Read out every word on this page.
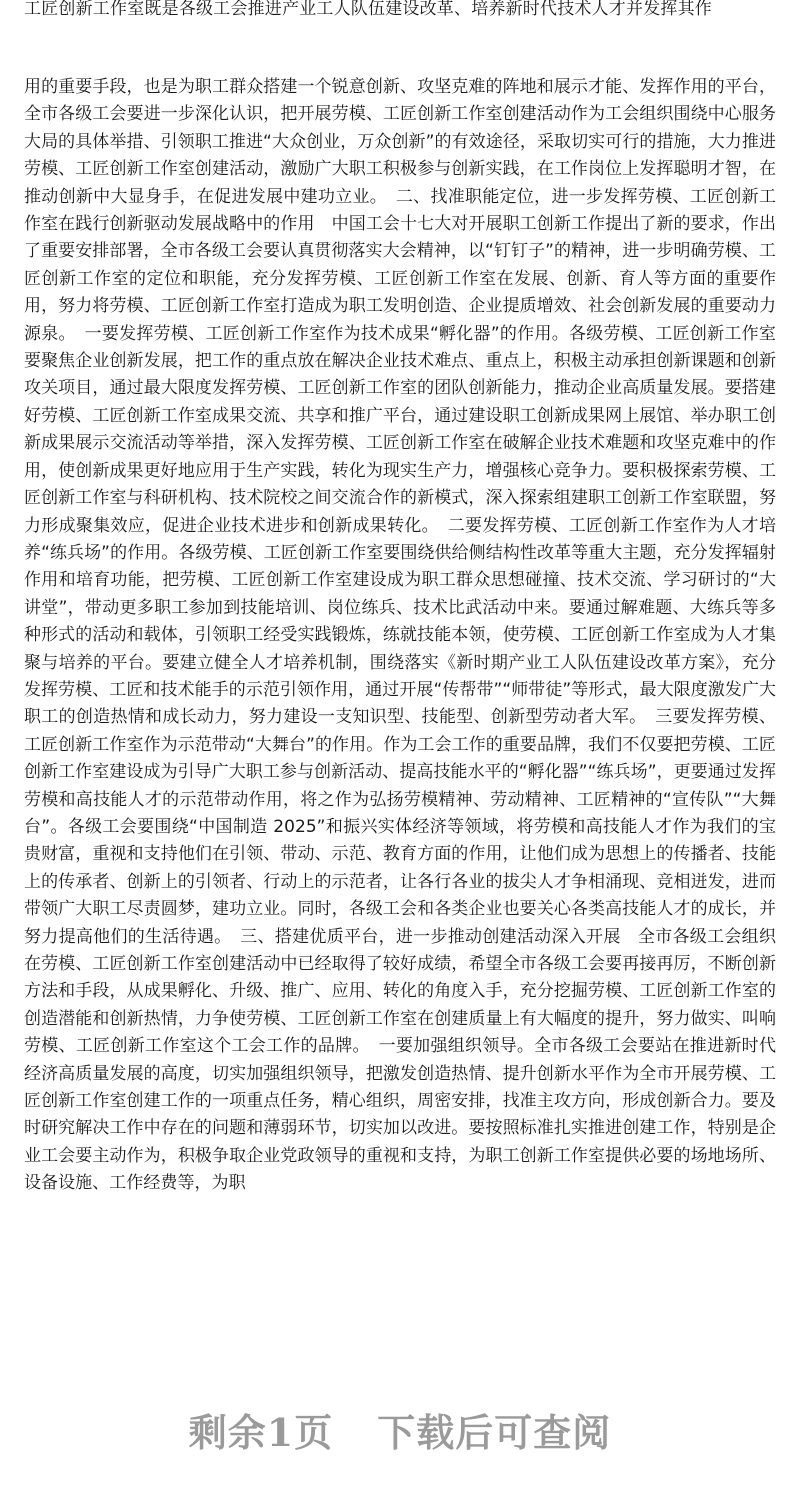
工匠创新工作室既是各级工会推进产业工人队伍建设改革、培养新时代技术人才并发挥其作

用的重要手段，也是为职工群众搭建一个锐意创新、攻坚克难的阵地和展示才能、发挥作用的平台，全市各级工会要进一步深化认识，把开展劳模、工匠创新工作室创建活动作为工会组织围绕中心服务大局的具体举措、引领职工推进“大众创业，万众创新”的有效途径，采取切实可行的措施，大力推进劳模、工匠创新工作室创建活动，激励广大职工积极参与创新实践，在工作岗位上发挥聪明才智，在推动创新中大显身手，在促进发展中建功立业。　二、找准职能定位，进一步发挥劳模、工匠创新工作室在践行创新驱动发展战略中的作用　中国工会十七大对开展职工创新工作提出了新的要求，作出了重要安排部署，全市各级工会要认真贯彻落实大会精神，以“钉钉子”的精神，进一步明确劳模、工匠创新工作室的定位和职能，充分发挥劳模、工匠创新工作室在发展、创新、育人等方面的重要作用，努力将劳模、工匠创新工作室打造成为职工发明创造、企业提质增效、社会创新发展的重要动力源泉。　一要发挥劳模、工匠创新工作室作为技术成果“孵化器”的作用。各级劳模、工匠创新工作室要聚焦企业创新发展，把工作的重点放在解决企业技术难点、重点上，积极主动承担创新课题和创新攻关项目，通过最大限度发挥劳模、工匠创新工作室的团队创新能力，推动企业高质量发展。要搭建好劳模、工匠创新工作室成果交流、共享和推广平台，通过建设职工创新成果网上展馆、举办职工创新成果展示交流活动等举措，深入发挥劳模、工匠创新工作室在破解企业技术难题和攻坚克难中的作用，使创新成果更好地应用于生产实践，转化为现实生产力，增强核心竞争力。要积极探索劳模、工匠创新工作室与科研机构、技术院校之间交流合作的新模式，深入探索组建职工创新工作室联盟，努力形成聚集效应，促进企业技术进步和创新成果转化。　二要发挥劳模、工匠创新工作室作为人才培养“练兵场”的作用。各级劳模、工匠创新工作室要围绕供给侧结构性改革等重大主题，充分发挥辐射作用和培育功能，把劳模、工匠创新工作室建设成为职工群众思想碰撞、技术交流、学习研讨的“大讲堂”，带动更多职工参加到技能培训、岗位练兵、技术比武活动中来。要通过解难题、大练兵等多种形式的活动和载体，引领职工经受实践锻炼，练就技能本领，使劳模、工匠创新工作室成为人才集聚与培养的平台。要建立健全人才培养机制，围绕落实《新时期产业工人队伍建设改革方案》，充分发挥劳模、工匠和技术能手的示范引领作用，通过开展“传帮带”“师带徒”等形式，最大限度激发广大职工的创造热情和成长动力，努力建设一支知识型、技能型、创新型劳动者大军。　三要发挥劳模、工匠创新工作室作为示范带动“大舞台”的作用。作为工会工作的重要品牌，我们不仅要把劳模、工匠创新工作室建设成为引导广大职工参与创新活动、提高技能水平的“孵化器”“练兵场”，更要通过发挥劳模和高技能人才的示范带动作用，将之作为弘扬劳模精神、劳动精神、工匠精神的“宣传队”“大舞台”。各级工会要围绕“中国制造 2025”和振兴实体经济等领域，将劳模和高技能人才作为我们的宝贵财富，重视和支持他们在引领、带动、示范、教育方面的作用，让他们成为思想上的传播者、技能上的传承者、创新上的引领者、行动上的示范者，让各行各业的拔尖人才争相涌现、竞相迸发，进而带领广大职工尽责圆梦，建功立业。同时，各级工会和各类企业也要关心各类高技能人才的成长，并努力提高他们的生活待遇。　三、搭建优质平台，进一步推动创建活动深入开展　全市各级工会组织在劳模、工匠创新工作室创建活动中已经取得了较好成绩，希望全市各级工会要再接再厉，不断创新方法和手段，从成果孵化、升级、推广、应用、转化的角度入手，充分挖掘劳模、工匠创新工作室的创造潜能和创新热情，力争使劳模、工匠创新工作室在创建质量上有大幅度的提升，努力做实、叫响劳模、工匠创新工作室这个工会工作的品牌。　一要加强组织领导。全市各级工会要站在推进新时代经济高质量发展的高度，切实加强组织领导，把激发创造热情、提升创新水平作为全市开展劳模、工匠创新工作室创建工作的一项重点任务，精心组织，周密安排，找准主攻方向，形成创新合力。要及时研究解决工作中存在的问题和薄弱环节，切实加以改进。要按照标准扎实推进创建工作，特别是企业工会要主动作为，积极争取企业党政领导的重视和支持，为职工创新工作室提供必要的场地场所、设备设施、工作经费等，为职

剩余1页 下载后可查阅
